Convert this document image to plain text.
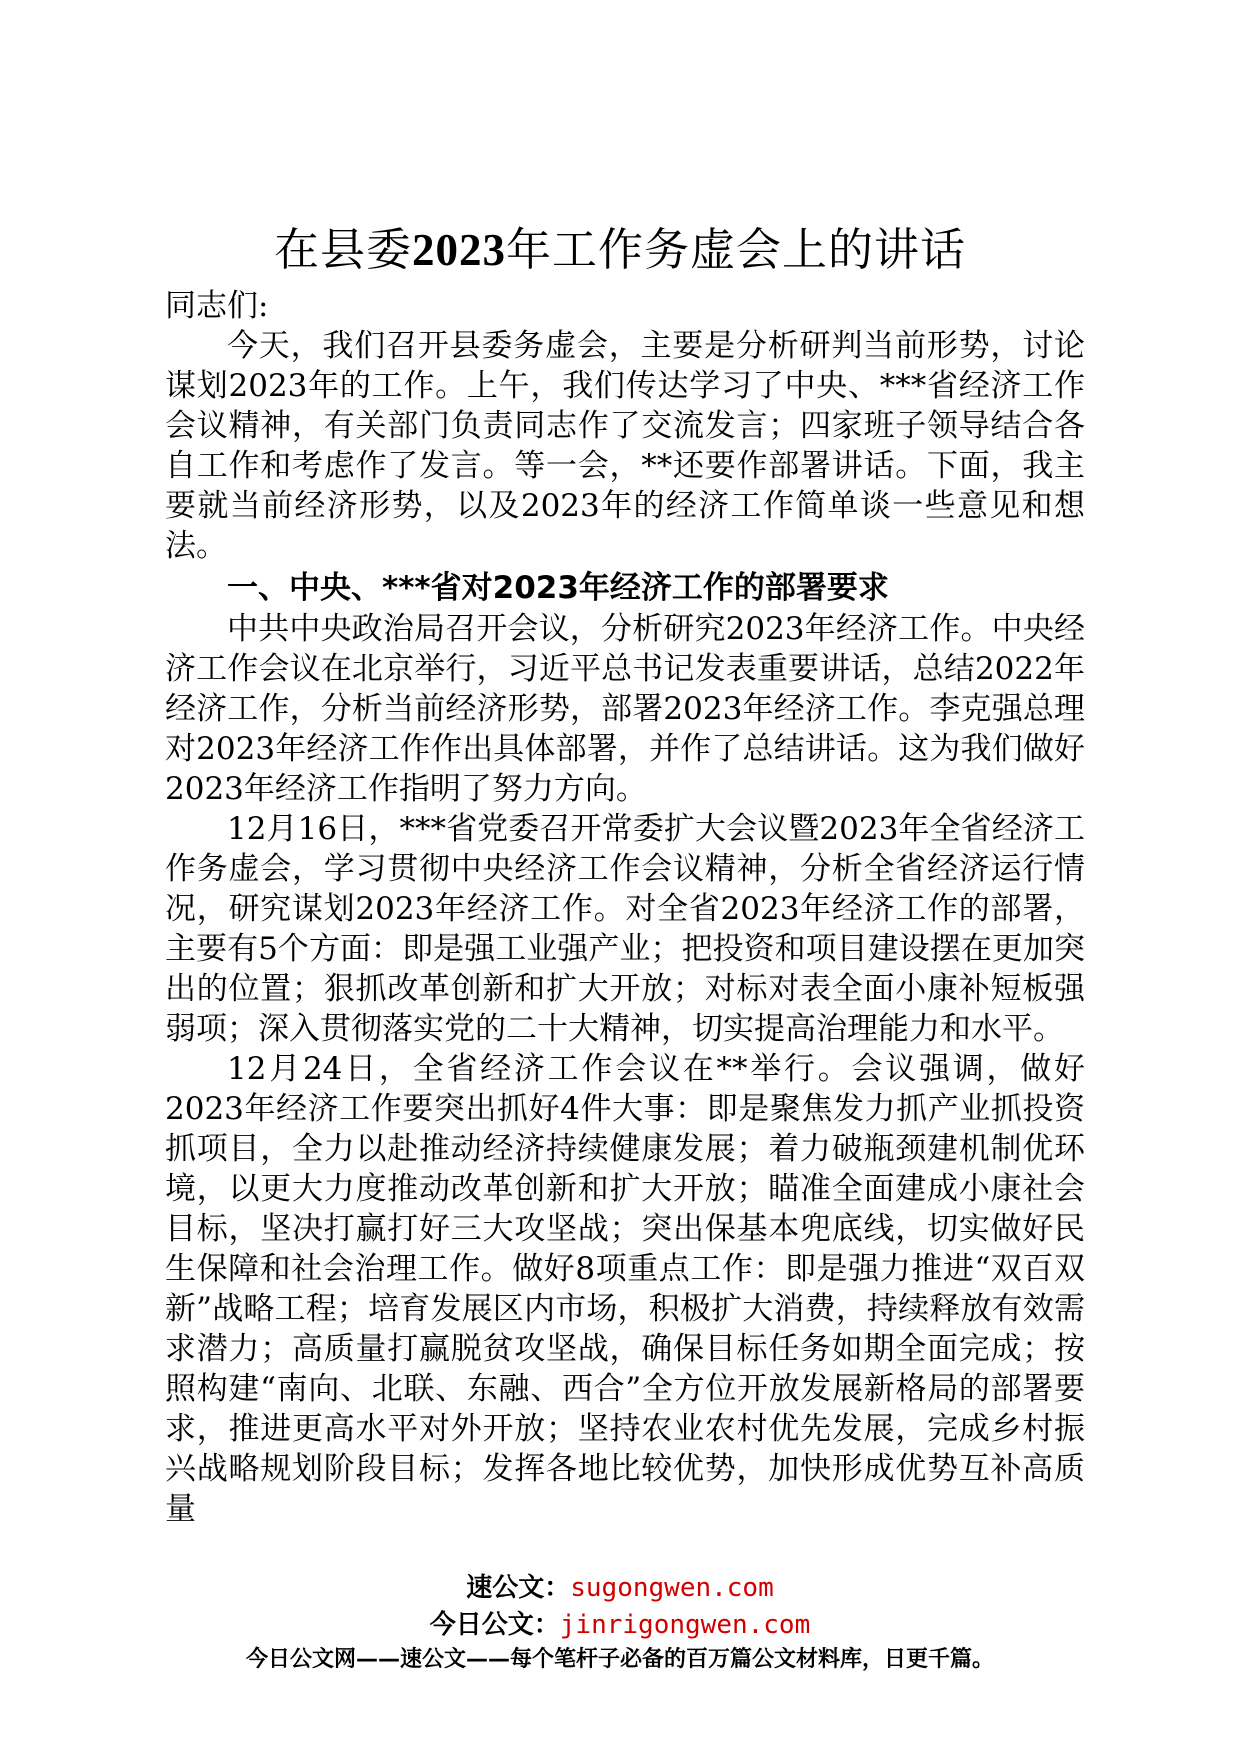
在县委2023年工作务虚会上的讲话

同志们:

今天，我们召开县委务虚会，主要是分析研判当前形势，讨论谋划2023年的工作。上午，我们传达学习了中央、***省经济工作会议精神，有关部门负责同志作了交流发言；四家班子领导结合各自工作和考虑作了发言。等一会，**还要作部署讲话。下面，我主要就当前经济形势，以及2023年的经济工作简单谈一些意见和想法。

一、中央、***省对2023年经济工作的部署要求

中共中央政治局召开会议，分析研究2023年经济工作。中央经济工作会议在北京举行，习近平总书记发表重要讲话，总结2022年经济工作，分析当前经济形势，部署2023年经济工作。李克强总理对2023年经济工作作出具体部署，并作了总结讲话。这为我们做好2023年经济工作指明了努力方向。

12月16日，***省党委召开常委扩大会议暨2023年全省经济工作务虚会，学习贯彻中央经济工作会议精神，分析全省经济运行情况，研究谋划2023年经济工作。对全省2023年经济工作的部署，主要有5个方面：即是强工业强产业；把投资和项目建设摆在更加突出的位置；狠抓改革创新和扩大开放；对标对表全面小康补短板强弱项；深入贯彻落实党的二十大精神，切实提高治理能力和水平。

12月24日，全省经济工作会议在**举行。会议强调，做好2023年经济工作要突出抓好4件大事：即是聚焦发力抓产业抓投资抓项目，全力以赴推动经济持续健康发展；着力破瓶颈建机制优环境，以更大力度推动改革创新和扩大开放；瞄准全面建成小康社会目标，坚决打赢打好三大攻坚战；突出保基本兜底线，切实做好民生保障和社会治理工作。做好8项重点工作：即是强力推进“双百双新”战略工程；培育发展区内市场，积极扩大消费，持续释放有效需求潜力；高质量打赢脱贫攻坚战，确保目标任务如期全面完成；按照构建“南向、北联、东融、西合”全方位开放发展新格局的部署要求，推进更高水平对外开放；坚持农业农村优先发展，完成乡村振兴战略规划阶段目标；发挥各地比较优势，加快形成优势互补高质量

速公文：sugongwen.com
今日公文：jinrigongwen.com
今日公文网——速公文——每个笔杆子必备的百万篇公文材料库，日更千篇。
